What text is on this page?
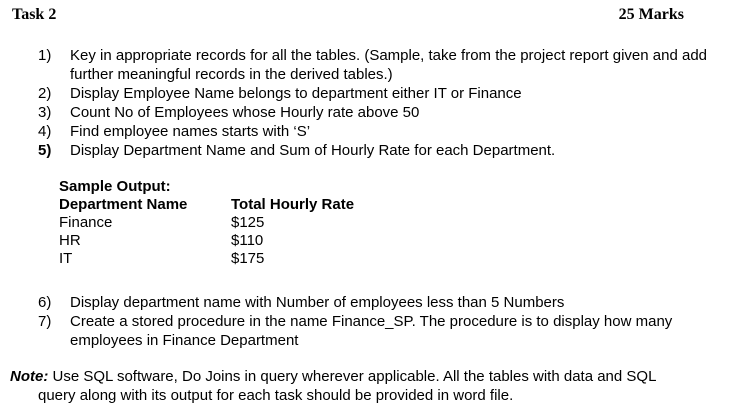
Task 2	25 Marks
1)	Key in appropriate records for all the tables. (Sample, take from the project report given and add further meaningful records in the derived tables.)
2)	Display Employee Name belongs to department either IT or Finance
3)	Count No of Employees whose Hourly rate above 50
4)	Find employee names starts with ‘S’
5)	Display Department Name and Sum of Hourly Rate for each Department.
Sample Output:
Department Name	Total Hourly Rate
Finance	$125
HR	$110
IT	$175
6)	Display department name with Number of employees less than 5 Numbers
7)	Create a stored procedure in the name Finance_SP. The procedure is to display how many employees in Finance Department
Note: Use SQL software, Do Joins in query wherever applicable. All the tables with data and SQL
query along with its output for each task should be provided in word file.
